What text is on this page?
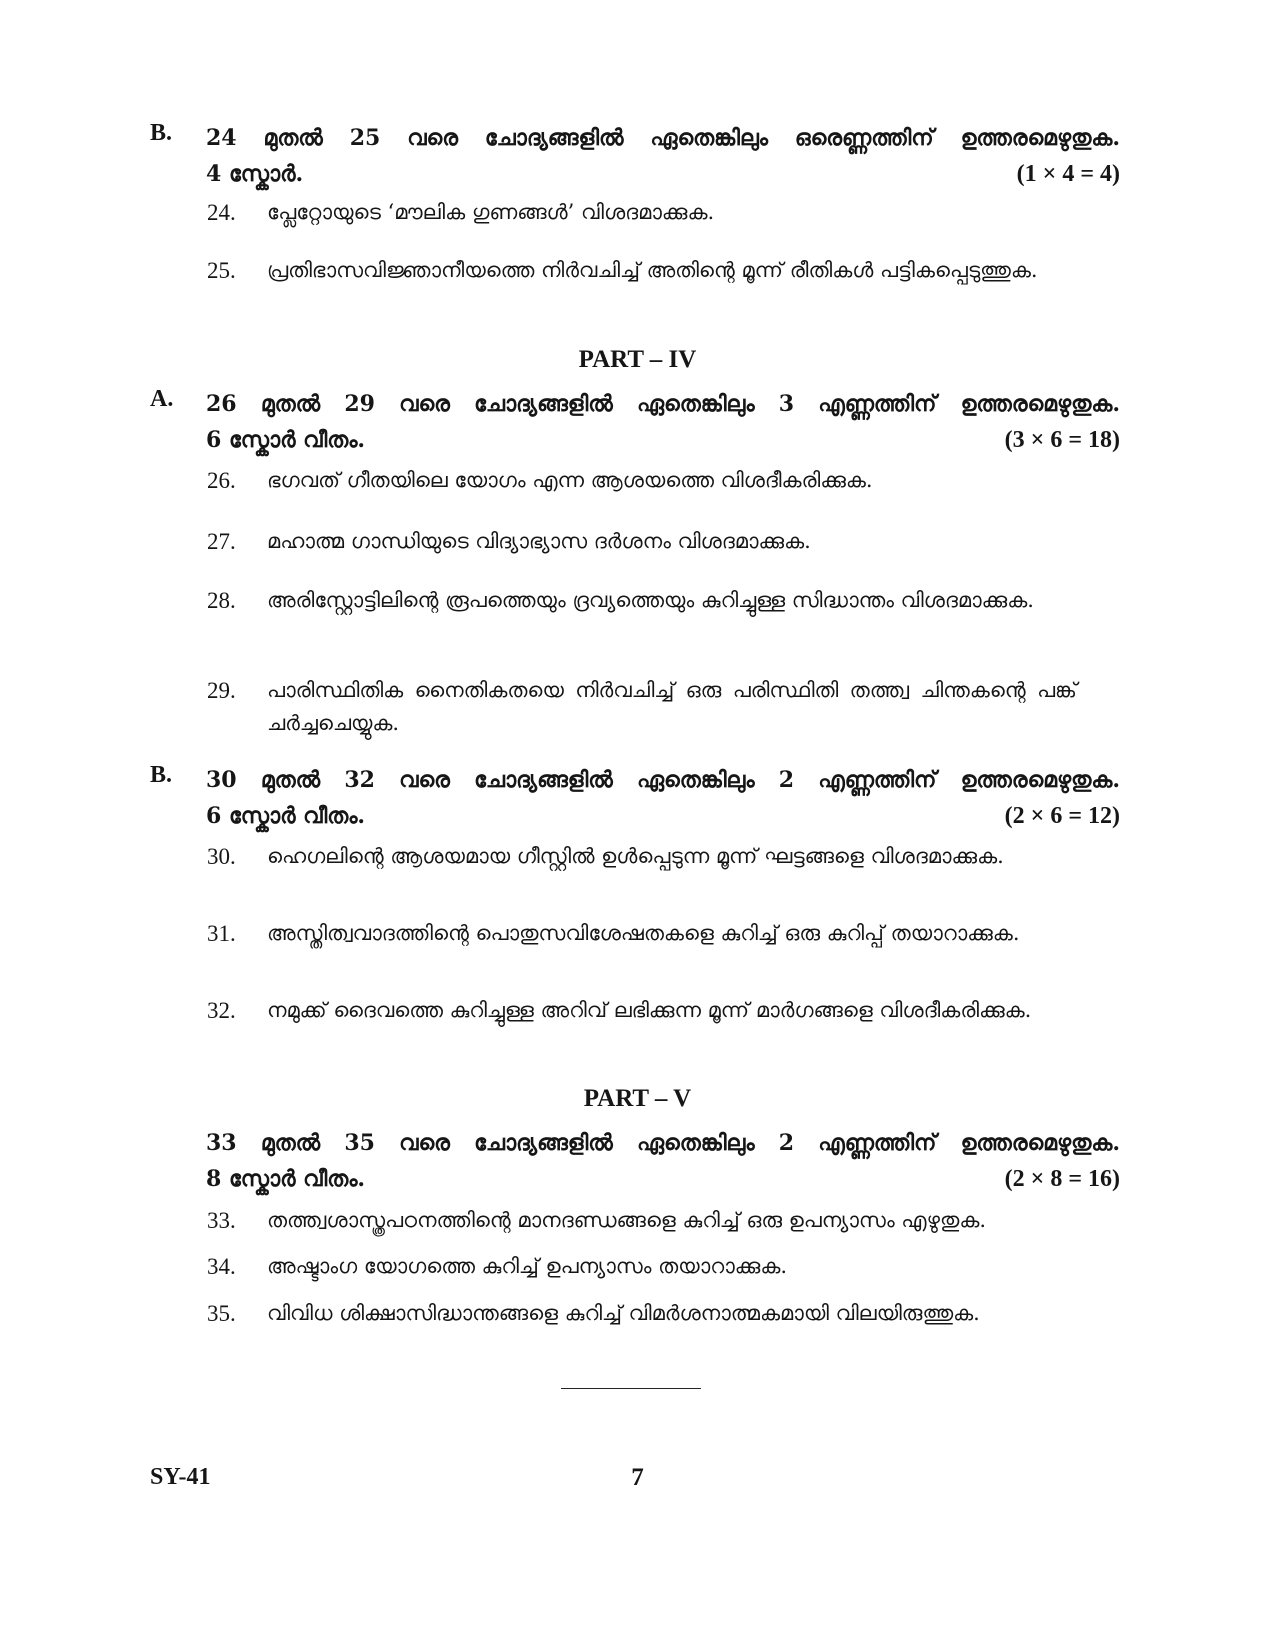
B. 24 മുതൽ 25 വരെ ചോദ്യങ്ങളിൽ ഏതെങ്കിലും ഒരെണ്ണത്തിന് ഉത്തരമെഴുതുക.
4 സ്കോർ.	(1 × 4 = 4)
24.	പ്ലേറ്റോയുടെ ‘മൗലിക ഗുണങ്ങൾ’ വിശദമാക്കുക.
25.	പ്രതിഭാസവിജ്ഞാനീയത്തെ നിർവചിച്ച് അതിന്റെ മൂന്ന് രീതികൾ പട്ടികപ്പെടുത്തുക.
PART – IV
A. 26 മുതൽ 29 വരെ ചോദ്യങ്ങളിൽ ഏതെങ്കിലും 3 എണ്ണത്തിന് ഉത്തരമെഴുതുക.
6 സ്കോർ വീതം.	(3 × 6 = 18)
26.	ഭഗവത് ഗീതയിലെ യോഗം എന്ന ആശയത്തെ വിശദീകരിക്കുക.
27.	മഹാത്മ ഗാന്ധിയുടെ വിദ്യാഭ്യാസ ദർശനം വിശദമാക്കുക.
28.	അരിസ്റ്റോട്ടിലിന്റെ രൂപത്തെയും ദ്രവ്യത്തെയും കുറിച്ചുള്ള സിദ്ധാന്തം വിശദമാക്കുക.
29.	പാരിസ്ഥിതിക നൈതികതയെ നിർവചിച്ച് ഒരു പരിസ്ഥിതി തത്ത്വ ചിന്തകന്റെ പങ്ക് ചർച്ചചെയ്യുക.
B. 30 മുതൽ 32 വരെ ചോദ്യങ്ങളിൽ ഏതെങ്കിലും 2 എണ്ണത്തിന് ഉത്തരമെഴുതുക.
6 സ്കോർ വീതം.	(2 × 6 = 12)
30.	ഹെഗലിന്റെ ആശയമായ ഗീസ്റ്റിൽ ഉൾപ്പെടുന്ന മൂന്ന് ഘട്ടങ്ങളെ വിശദമാക്കുക.
31.	അസ്തിത്വവാദത്തിന്റെ പൊതുസവിശേഷതകളെ കുറിച്ച് ഒരു കുറിപ്പ് തയാറാക്കുക.
32.	നമുക്ക് ദൈവത്തെ കുറിച്ചുള്ള അറിവ് ലഭിക്കുന്ന മൂന്ന് മാർഗങ്ങളെ വിശദീകരിക്കുക.
PART – V
33 മുതൽ 35 വരെ ചോദ്യങ്ങളിൽ ഏതെങ്കിലും 2 എണ്ണത്തിന് ഉത്തരമെഴുതുക.
8 സ്കോർ വീതം.	(2 × 8 = 16)
33.	തത്ത്വശാസ്ത്രപഠനത്തിന്റെ മാനദണ്ഡങ്ങളെ കുറിച്ച് ഒരു ഉപന്യാസം എഴുതുക.
34.	അഷ്ടാംഗ യോഗത്തെ കുറിച്ച് ഉപന്യാസം തയാറാക്കുക.
35.	വിവിധ ശിക്ഷാസിദ്ധാന്തങ്ങളെ കുറിച്ച് വിമർശനാത്മകമായി വിലയിരുത്തുക.
SY-41	7
